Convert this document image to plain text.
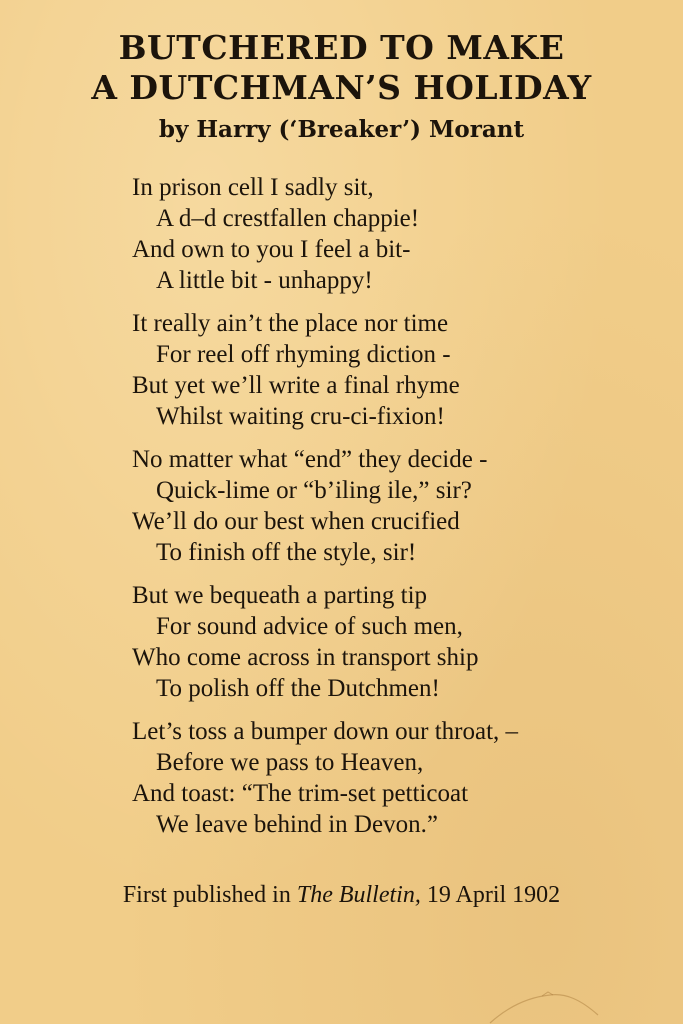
BUTCHERED TO MAKE
A DUTCHMAN’S HOLIDAY
by Harry (‘Breaker’) Morant
In prison cell I sadly sit,
A d–d crestfallen chappie!
And own to you I feel a bit-
A little bit - unhappy!
It really ain’t the place nor time
For reel off rhyming diction -
But yet we’ll write a final rhyme
Whilst waiting cru-ci-fixion!
No matter what “end” they decide -
Quick-lime or “b’iling ile,” sir?
We’ll do our best when crucified
To finish off the style, sir!
But we bequeath a parting tip
For sound advice of such men,
Who come across in transport ship
To polish off the Dutchmen!
Let’s toss a bumper down our throat, –
Before we pass to Heaven,
And toast: “The trim-set petticoat
We leave behind in Devon.”
First published in The Bulletin, 19 April 1902
